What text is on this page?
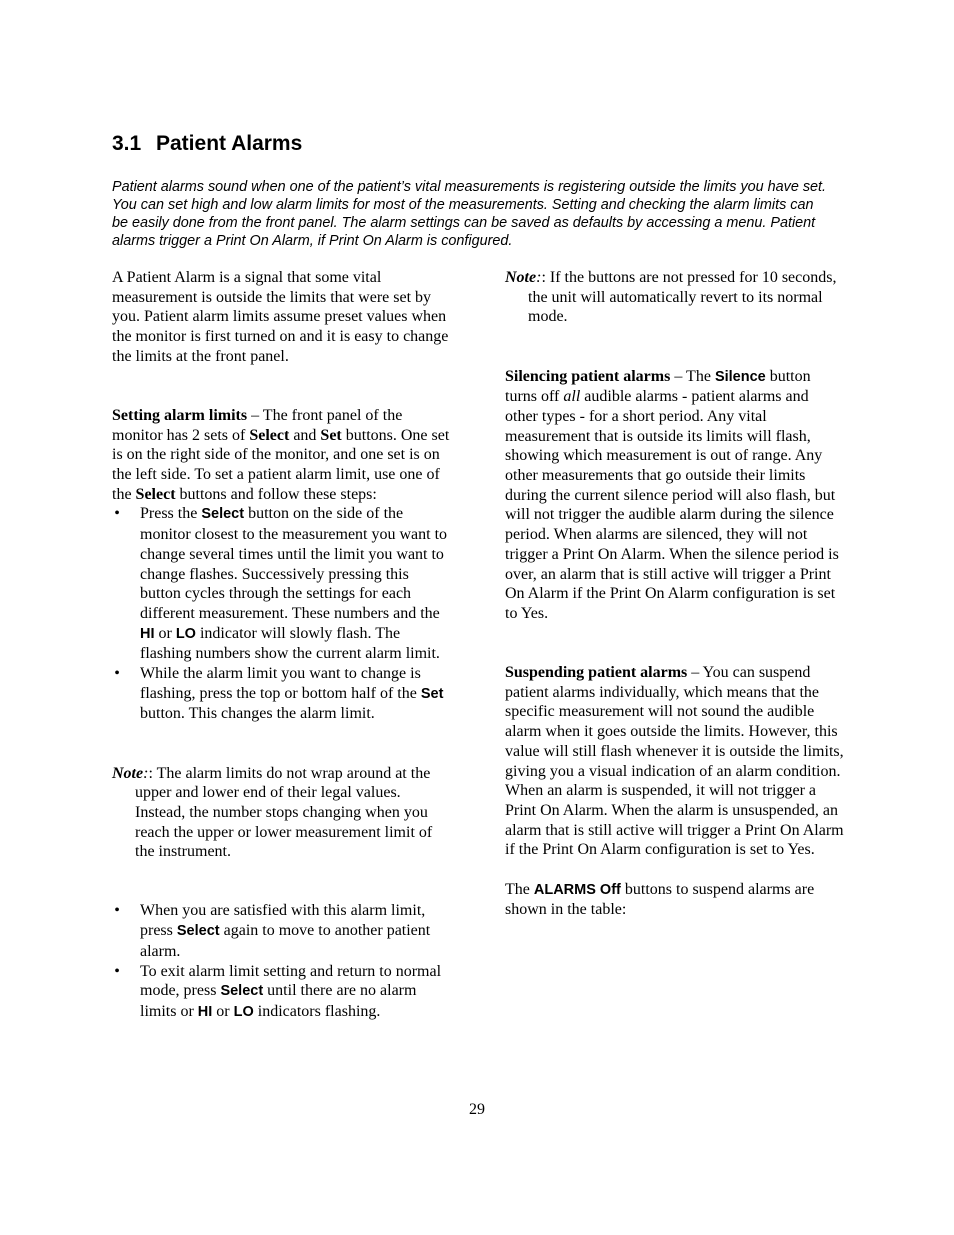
3.1 Patient Alarms

Patient alarms sound when one of the patient’s vital measurements is registering outside the limits you have set. You can set high and low alarm limits for most of the measurements. Setting and checking the alarm limits can be easily done from the front panel. The alarm settings can be saved as defaults by accessing a menu. Patient alarms trigger a Print On Alarm, if Print On Alarm is configured.

A Patient Alarm is a signal that some vital measurement is outside the limits that were set by you. Patient alarm limits assume preset values when the monitor is first turned on and it is easy to change the limits at the front panel.

Setting alarm limits – The front panel of the monitor has 2 sets of Select and Set buttons. One set is on the right side of the monitor, and one set is on the left side. To set a patient alarm limit, use one of the Select buttons and follow these steps:

• Press the Select button on the side of the monitor closest to the measurement you want to change several times until the limit you want to change flashes. Successively pressing this button cycles through the settings for each different measurement. These numbers and the HI or LO indicator will slowly flash. The flashing numbers show the current alarm limit.
• While the alarm limit you want to change is flashing, press the top or bottom half of the Set button. This changes the alarm limit.

Note:: The alarm limits do not wrap around at the upper and lower end of their legal values. Instead, the number stops changing when you reach the upper or lower measurement limit of the instrument.

• When you are satisfied with this alarm limit, press Select again to move to another patient alarm.
• To exit alarm limit setting and return to normal mode, press Select until there are no alarm limits or HI or LO indicators flashing.

Note:: If the buttons are not pressed for 10 seconds, the unit will automatically revert to its normal mode.

Silencing patient alarms – The Silence button turns off all audible alarms - patient alarms and other types - for a short period. Any vital measurement that is outside its limits will flash, showing which measurement is out of range. Any other measurements that go outside their limits during the current silence period will also flash, but will not trigger the audible alarm during the silence period. When alarms are silenced, they will not trigger a Print On Alarm. When the silence period is over, an alarm that is still active will trigger a Print On Alarm if the Print On Alarm configuration is set to Yes.

Suspending patient alarms – You can suspend patient alarms individually, which means that the specific measurement will not sound the audible alarm when it goes outside the limits. However, this value will still flash whenever it is outside the limits, giving you a visual indication of an alarm condition. When an alarm is suspended, it will not trigger a Print On Alarm. When the alarm is unsuspended, an alarm that is still active will trigger a Print On Alarm if the Print On Alarm configuration is set to Yes.

The ALARMS Off buttons to suspend alarms are shown in the table:

29
